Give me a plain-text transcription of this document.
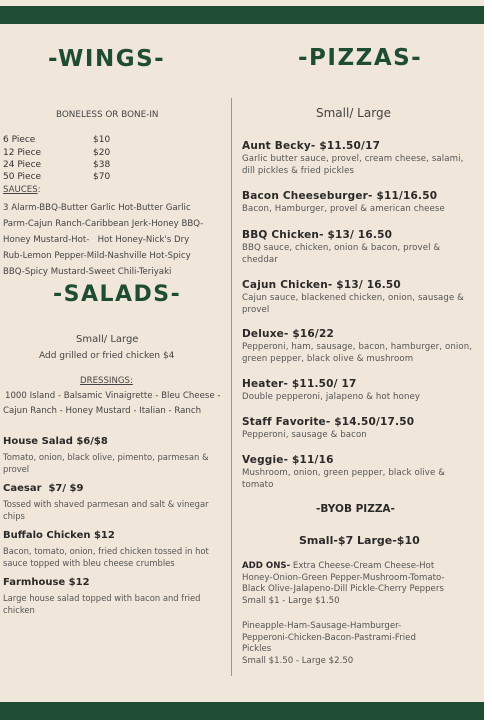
-WINGS-
BONELESS OR BONE-IN
6 Piece	$10
12 Piece	$20
24 Piece	$38
50 Piece	$70
SAUCES:
3 Alarm-BBQ-Butter Garlic Hot-Butter Garlic
Parm-Cajun Ranch-Caribbean Jerk-Honey BBQ-
Honey Mustard-Hot-   Hot Honey-Nick's Dry
Rub-Lemon Pepper-Mild-Nashville Hot-Spicy
BBQ-Spicy Mustard-Sweet Chili-Teriyaki
-SALADS-
Small/ Large
Add grilled or fried chicken $4
DRESSINGS:
1000 Island - Balsamic Vinaigrette - Bleu Cheese -
Cajun Ranch - Honey Mustard - Italian - Ranch
House Salad $6/$8
Tomato, onion, black olive, pimento, parmesan &
provel
Caesar  $7/ $9
Tossed with shaved parmesan and salt & vinegar
chips
Buffalo Chicken $12
Bacon, tomato, onion, fried chicken tossed in hot
sauce topped with bleu cheese crumbles
Farmhouse $12
Large house salad topped with bacon and fried
chicken
-PIZZAS-
Small/ Large
Aunt Becky- $11.50/17
Garlic butter sauce, provel, cream cheese, salami,
dill pickles & fried pickles
Bacon Cheeseburger- $11/16.50
Bacon, Hamburger, provel & american cheese
BBQ Chicken- $13/ 16.50
BBQ sauce, chicken, onion & bacon, provel &
cheddar
Cajun Chicken- $13/ 16.50
Cajun sauce, blackened chicken, onion, sausage &
provel
Deluxe- $16/22
Pepperoni, ham, sausage, bacon, hamburger, onion,
green pepper, black olive & mushroom
Heater- $11.50/ 17
Double pepperoni, jalapeno & hot honey
Staff Favorite- $14.50/17.50
Pepperoni, sausage & bacon
Veggie- $11/16
Mushroom, onion, green pepper, black olive &
tomato
-BYOB PIZZA-
Small-$7 Large-$10
ADD ONS- Extra Cheese-Cream Cheese-Hot
Honey-Onion-Green Pepper-Mushroom-Tomato-
Black Olive-Jalapeno-Dill Pickle-Cherry Peppers
Small $1 - Large $1.50
Pineapple-Ham-Sausage-Hamburger-
Pepperoni-Chicken-Bacon-Pastrami-Fried
Pickles
Small $1.50 - Large $2.50
